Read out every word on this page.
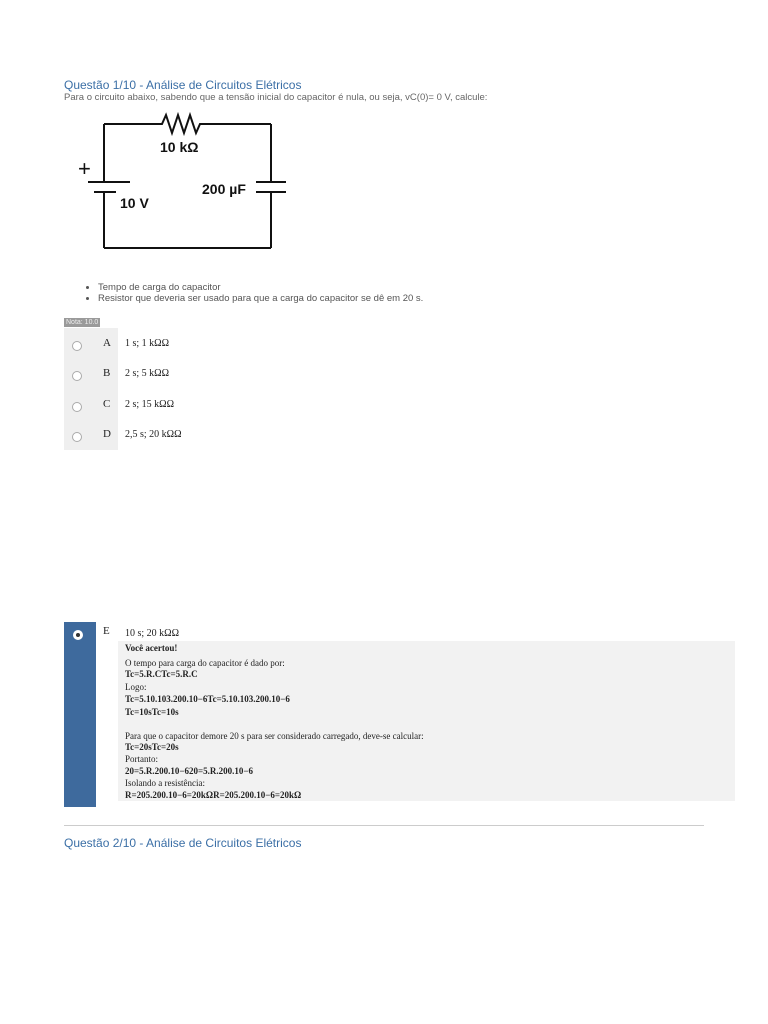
Questão 1/10 - Análise de Circuitos Elétricos
Para o circuito abaixo, sabendo que a tensão inicial do capacitor é nula, ou seja, vC(0)= 0 V, calcule:
+
10 kΩ
10 V
200 µF
• Tempo de carga do capacitor
• Resistor que deveria ser usado para que a carga do capacitor se dê em 20 s.
Nota: 10.0
A 1 s; 1 kΩΩ
B 2 s; 5 kΩΩ
C 2 s; 15 kΩΩ
D 2,5 s; 20 kΩΩ
E 10 s; 20 kΩΩ
Você acertou!
O tempo para carga do capacitor é dado por:
Tc=5.R.CTc=5.R.C
Logo:
Tc=5.10.103.200.10−6Tc=5.10.103.200.10−6
Tc=10sTc=10s
Para que o capacitor demore 20 s para ser considerado carregado, deve-se calcular:
Tc=20sTc=20s
Portanto:
20=5.R.200.10−620=5.R.200.10−6
Isolando a resistência:
R=205.200.10−6=20kΩR=205.200.10−6=20kΩ
Questão 2/10 - Análise de Circuitos Elétricos
